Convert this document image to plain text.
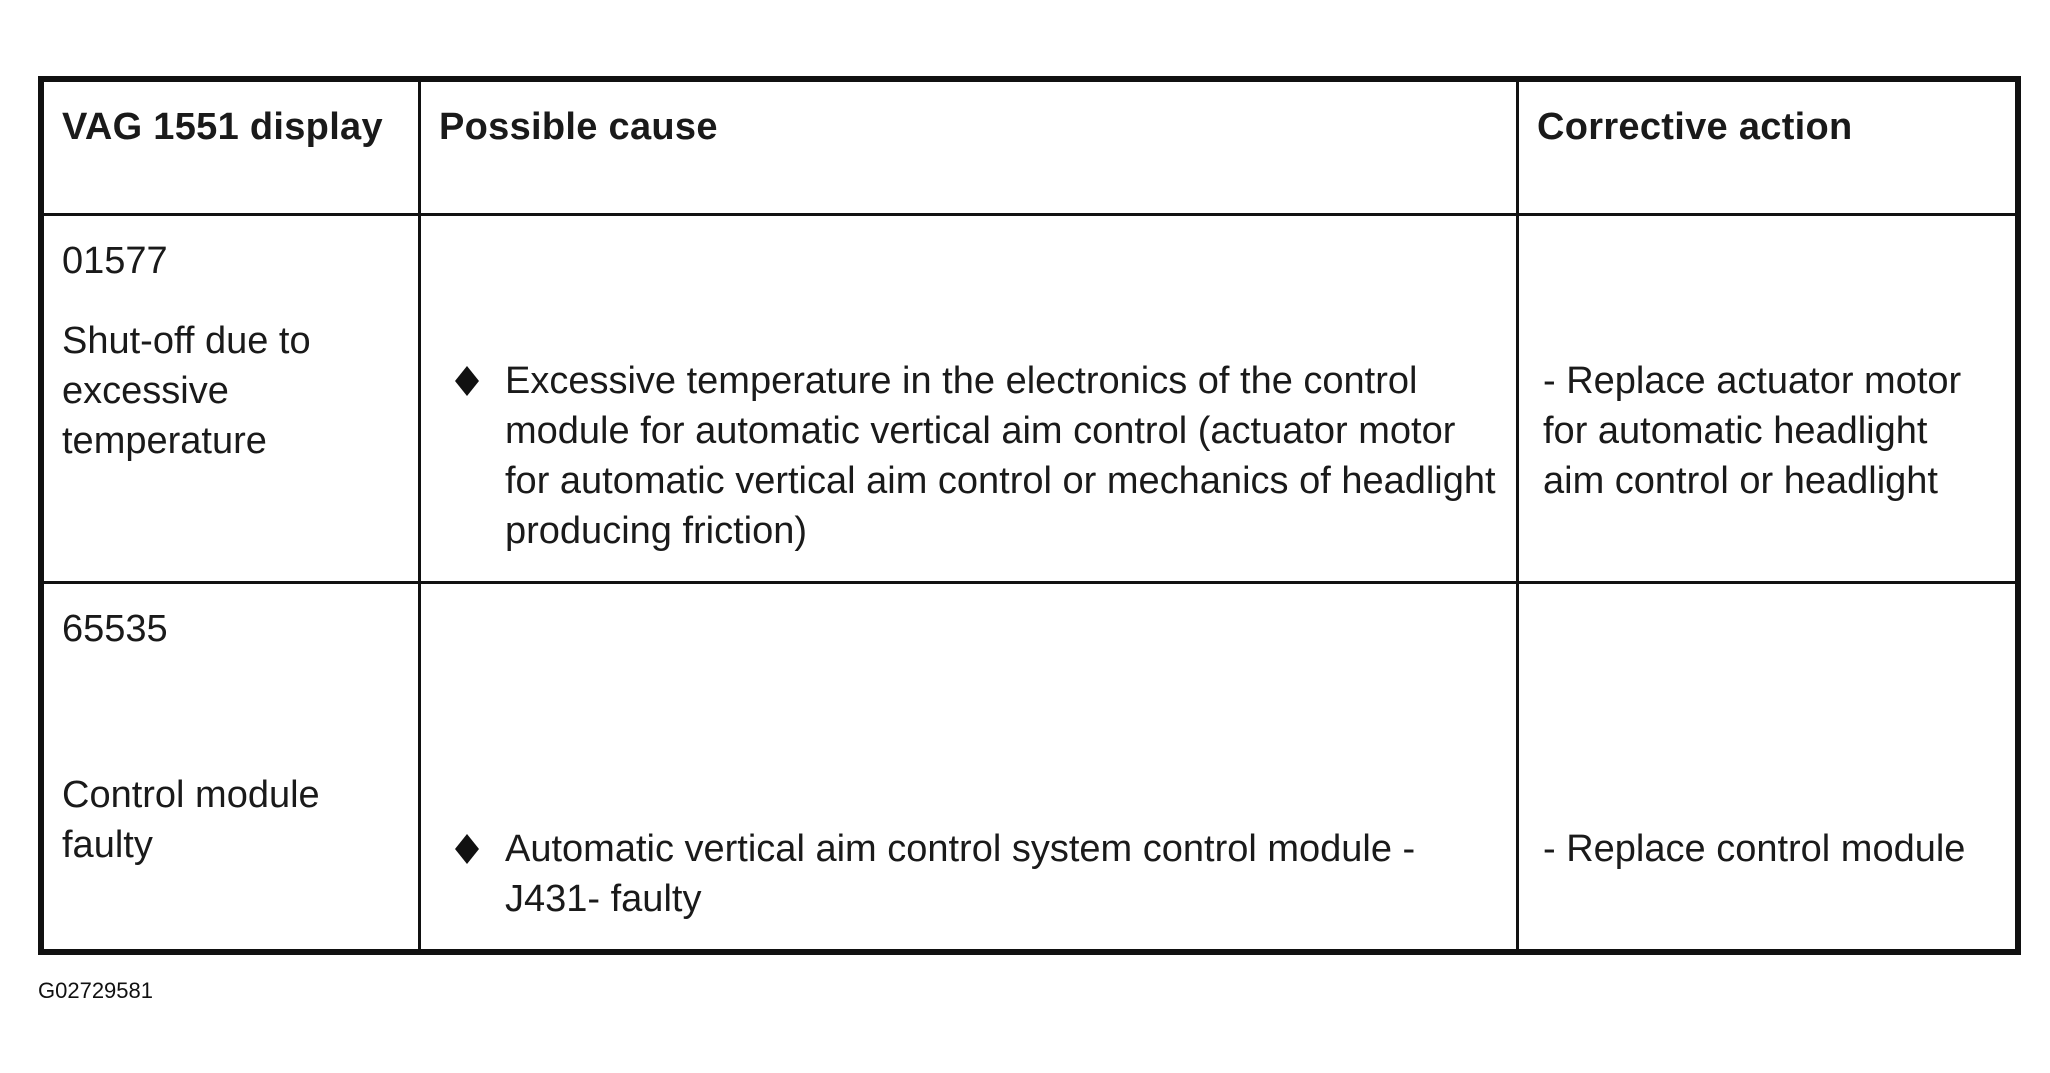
VAG 1551 display	Possible cause	Corrective action

01577
Shut-off due to excessive temperature	Excessive temperature in the electronics of the control module for automatic vertical aim control (actuator motor for automatic vertical aim control or mechanics of headlight producing friction)	- Replace actuator motor for automatic headlight aim control or headlight

65535
Control module faulty	Automatic vertical aim control system control module -J431- faulty	- Replace control module
G02729581
